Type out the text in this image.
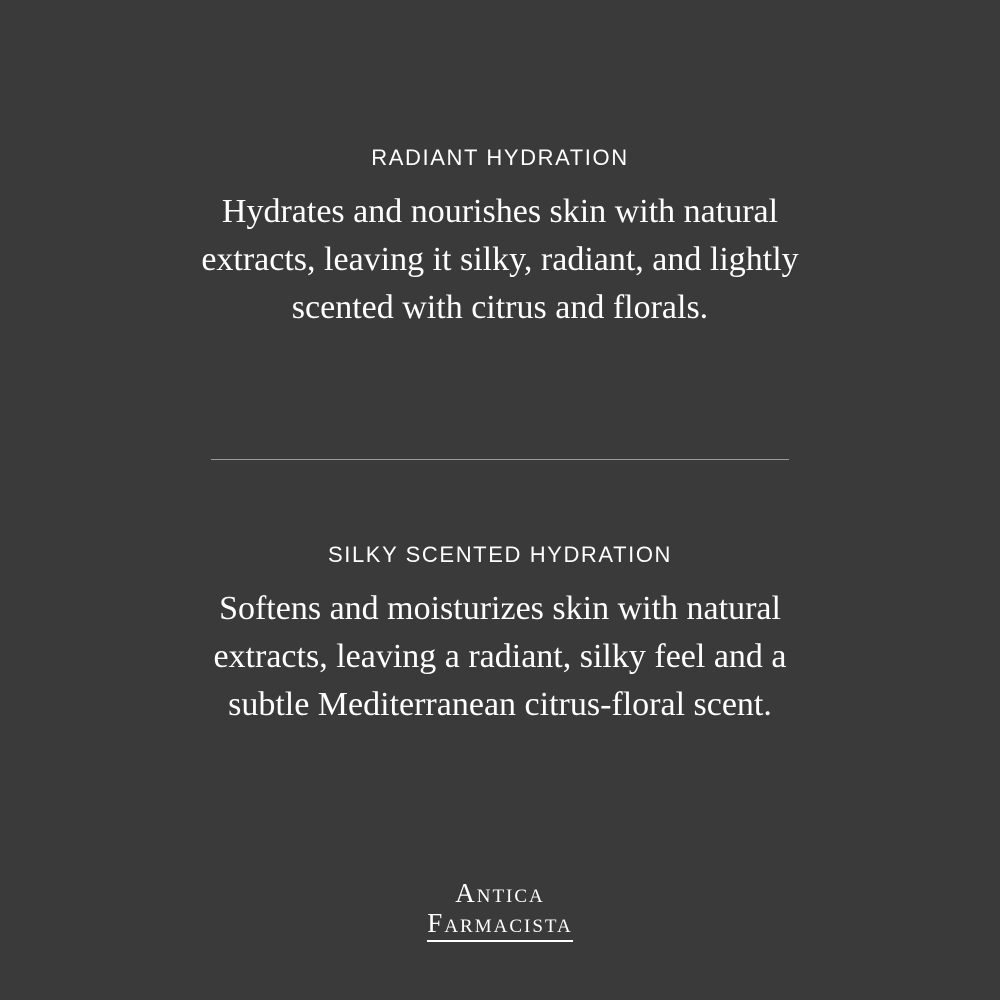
RADIANT HYDRATION

Hydrates and nourishes skin with natural extracts, leaving it silky, radiant, and lightly scented with citrus and florals.

SILKY SCENTED HYDRATION

Softens and moisturizes skin with natural extracts, leaving a radiant, silky feel and a subtle Mediterranean citrus-floral scent.

Antica
Farmacista
